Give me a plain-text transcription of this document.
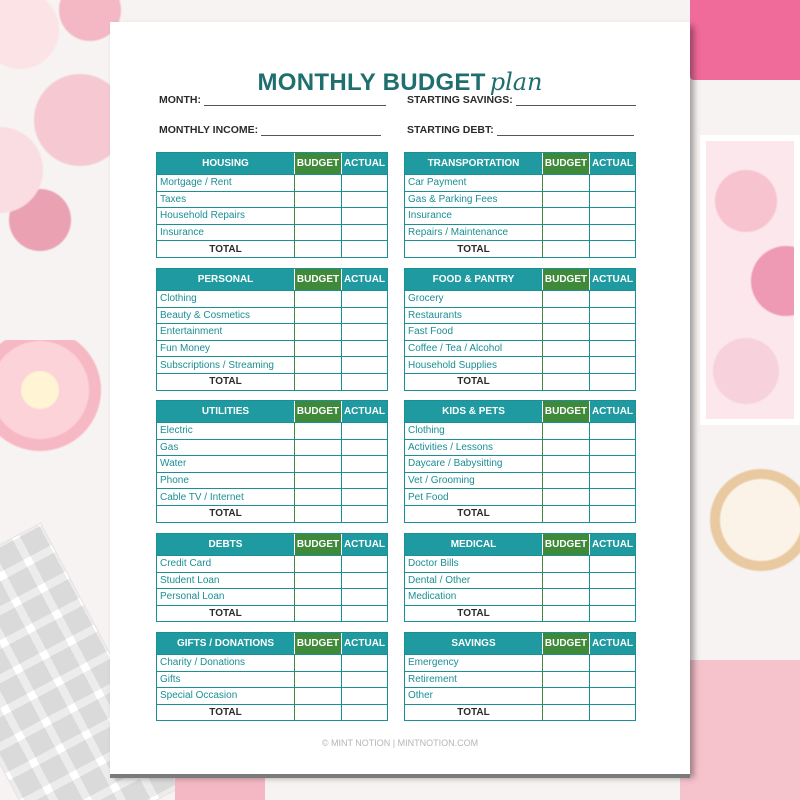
MONTHLY BUDGET plan
MONTH:	STARTING SAVINGS:
MONTHLY INCOME:	STARTING DEBT:
HOUSING	BUDGET ACTUAL
Mortgage / Rent
Taxes
Household Repairs
Insurance
TOTAL
TRANSPORTATION	BUDGET ACTUAL
Car Payment
Gas & Parking Fees
Insurance
Repairs / Maintenance
TOTAL
PERSONAL	BUDGET ACTUAL
Clothing
Beauty & Cosmetics
Entertainment
Fun Money
Subscriptions / Streaming
TOTAL
FOOD & PANTRY	BUDGET ACTUAL
Grocery
Restaurants
Fast Food
Coffee / Tea / Alcohol
Household Supplies
TOTAL
UTILITIES	BUDGET ACTUAL
Electric
Gas
Water
Phone
Cable TV / Internet
TOTAL
KIDS & PETS	BUDGET ACTUAL
Clothing
Activities / Lessons
Daycare / Babysitting
Vet / Grooming
Pet Food
TOTAL
DEBTS	BUDGET ACTUAL
Credit Card
Student Loan
Personal Loan
TOTAL
MEDICAL	BUDGET ACTUAL
Doctor Bills
Dental / Other
Medication
TOTAL
GIFTS / DONATIONS	BUDGET ACTUAL
Charity / Donations
Gifts
Special Occasion
TOTAL
SAVINGS	BUDGET ACTUAL
Emergency
Retirement
Other
TOTAL
© MINT NOTION | MINTNOTION.COM
